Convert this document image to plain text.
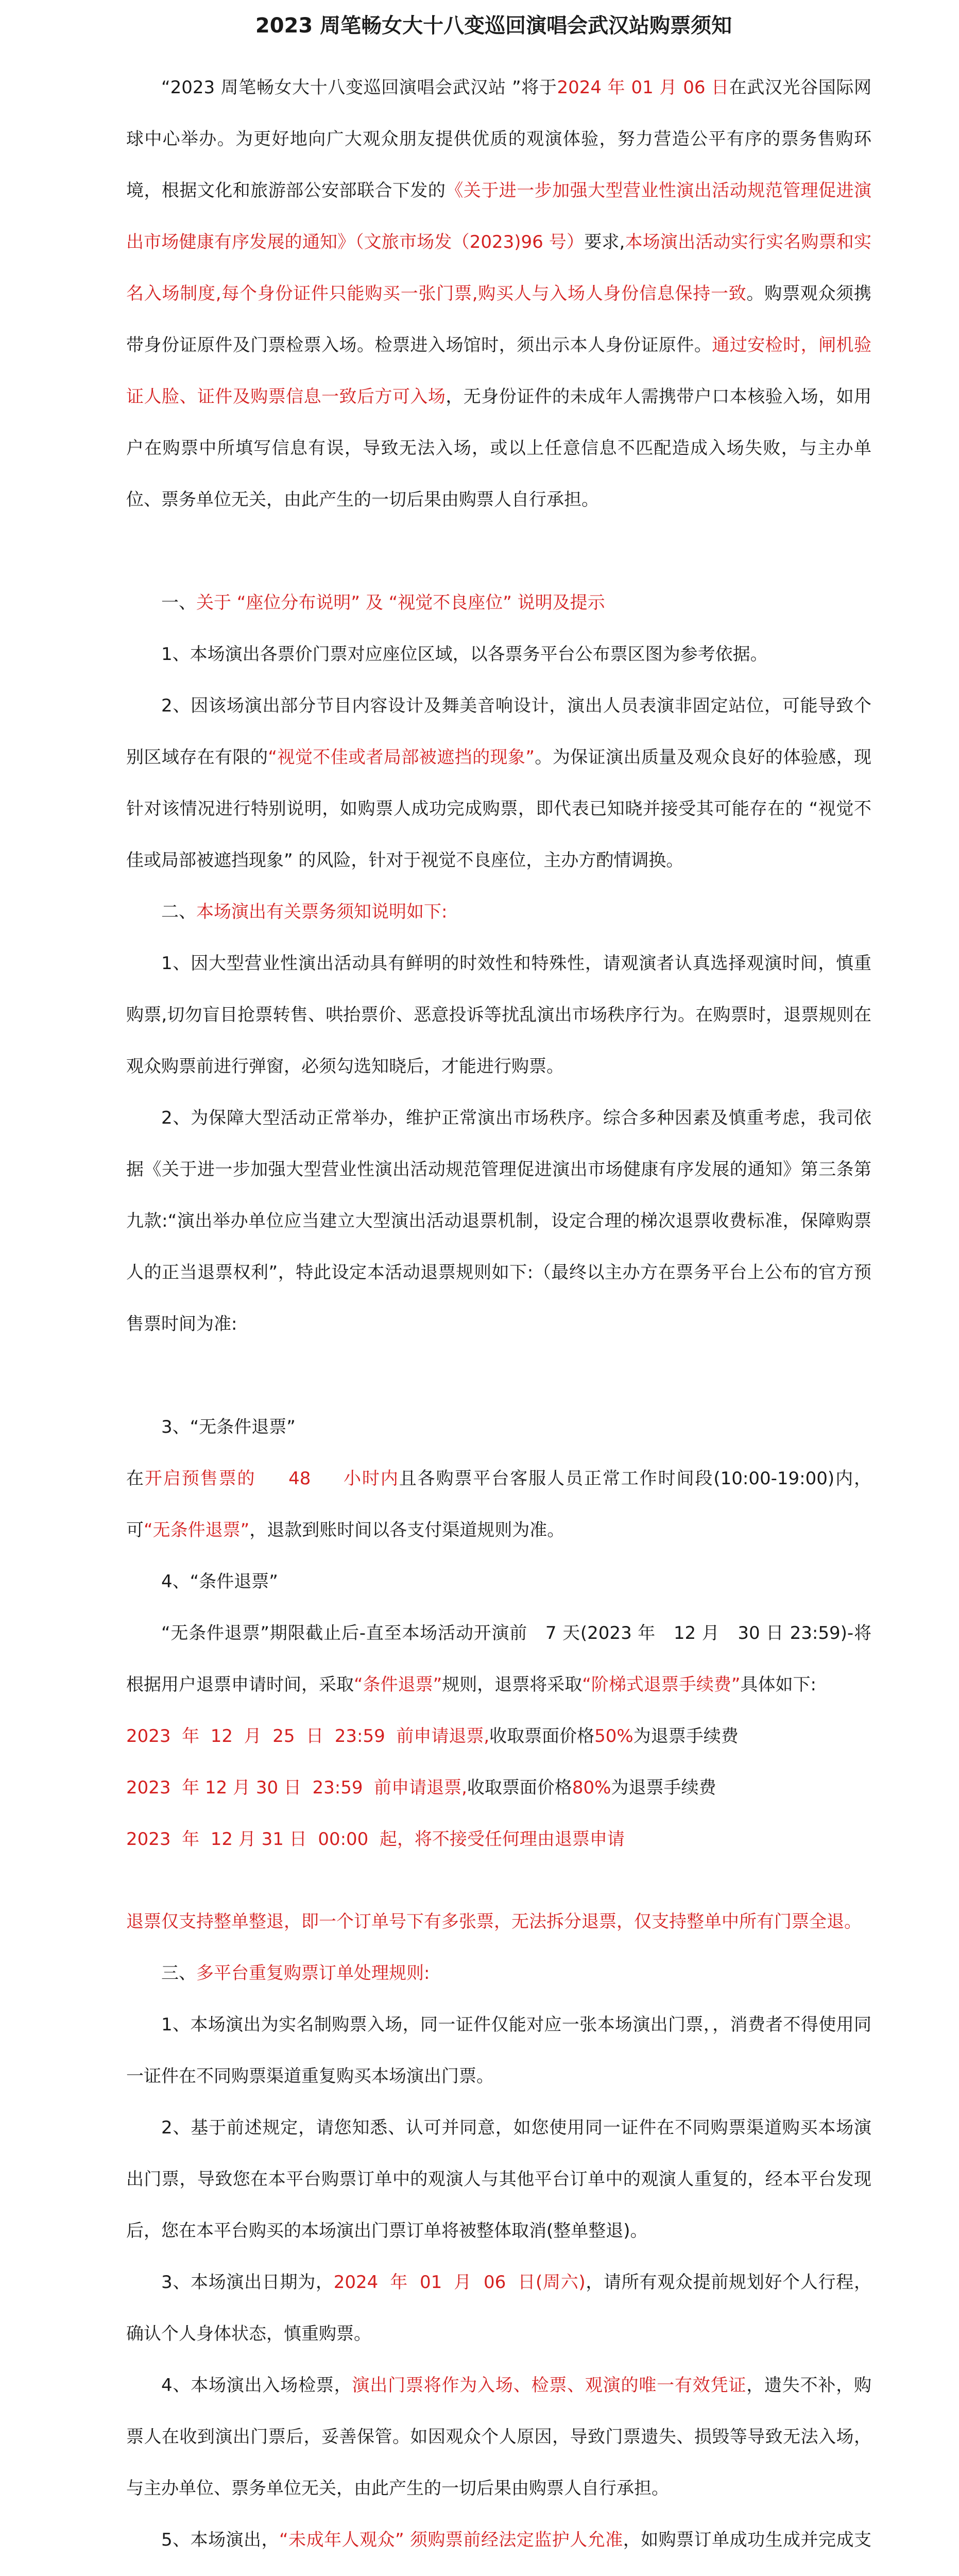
2023 周笔畅女大十八变巡回演唱会武汉站购票须知

“2023 周笔畅女大十八变巡回演唱会武汉站 ”将于2024 年 01 月 06 日在武汉光谷国际网球中心举办。为更好地向广大观众朋友提供优质的观演体验，努力营造公平有序的票务售购环境，根据文化和旅游部公安部联合下发的《关于进一步加强大型营业性演出活动规范管理促进演出市场健康有序发展的通知》（文旅市场发（2023)96 号）要求,本场演出活动实行实名购票和实名入场制度,每个身份证件只能购买一张门票,购买人与入场人身份信息保持一致。购票观众须携带身份证原件及门票检票入场。检票进入场馆时，须出示本人身份证原件。通过安检时，闸机验证人脸、证件及购票信息一致后方可入场，无身份证件的未成年人需携带户口本核验入场，如用户在购票中所填写信息有误，导致无法入场，或以上任意信息不匹配造成入场失败，与主办单位、票务单位无关，由此产生的一切后果由购票人自行承担。

一、关于 “座位分布说明” 及 “视觉不良座位” 说明及提示

1、本场演出各票价门票对应座位区域，以各票务平台公布票区图为参考依据。

2、因该场演出部分节目内容设计及舞美音响设计，演出人员表演非固定站位，可能导致个别区域存在有限的“视觉不佳或者局部被遮挡的现象”。为保证演出质量及观众良好的体验感，现针对该情况进行特别说明，如购票人成功完成购票，即代表已知晓并接受其可能存在的 “视觉不佳或局部被遮挡现象” 的风险，针对于视觉不良座位，主办方酌情调换。

二、本场演出有关票务须知说明如下:

1、因大型营业性演出活动具有鲜明的时效性和特殊性，请观演者认真选择观演时间，慎重购票,切勿盲目抢票转售、哄抬票价、恶意投诉等扰乱演出市场秩序行为。在购票时，退票规则在观众购票前进行弹窗，必须勾选知晓后，才能进行购票。

2、为保障大型活动正常举办，维护正常演出市场秩序。综合多种因素及慎重考虑，我司依据《关于进一步加强大型营业性演出活动规范管理促进演出市场健康有序发展的通知》第三条第九款:“演出举办单位应当建立大型演出活动退票机制，设定合理的梯次退票收费标准，保障购票人的正当退票权利”，特此设定本活动退票规则如下:（最终以主办方在票务平台上公布的官方预售票时间为准:

3、“无条件退票”

在开启预售票的     48     小时内且各购票平台客服人员正常工作时间段(10:00-19:00)内，可“无条件退票”，退款到账时间以各支付渠道规则为准。

4、“条件退票”

“无条件退票”期限截止后-直至本场活动开演前   7 天(2023 年   12 月   30 日 23:59)-将根据用户退票申请时间，采取“条件退票”规则，退票将采取“阶梯式退票手续费”具体如下:

2023  年  12  月  25  日  23:59  前申请退票,收取票面价格50%为退票手续费

2023  年 12 月 30 日  23:59  前申请退票,收取票面价格80%为退票手续费

2023  年  12 月 31 日  00:00  起，将不接受任何理由退票申请

退票仅支持整单整退，即一个订单号下有多张票，无法拆分退票，仅支持整单中所有门票全退。

三、多平台重复购票订单处理规则:

1、本场演出为实名制购票入场，同一证件仅能对应一张本场演出门票，，消费者不得使用同一证件在不同购票渠道重复购买本场演出门票。

2、基于前述规定，请您知悉、认可并同意，如您使用同一证件在不同购票渠道购买本场演出门票，导致您在本平台购票订单中的观演人与其他平台订单中的观演人重复的，经本平台发现后，您在本平台购买的本场演出门票订单将被整体取消(整单整退)。

3、本场演出日期为，2024  年  01  月  06  日(周六)，请所有观众提前规划好个人行程，确认个人身体状态，慎重购票。

4、本场演出入场检票，演出门票将作为入场、检票、观演的唯一有效凭证，遗失不补，购票人在收到演出门票后，妥善保管。如因观众个人原因，导致门票遗失、损毁等导致无法入场，与主办单位、票务单位无关，由此产生的一切后果由购票人自行承担。

5、本场演出，“未成年人观众” 须购票前经法定监护人允准，如购票订单成功生成并完成支
